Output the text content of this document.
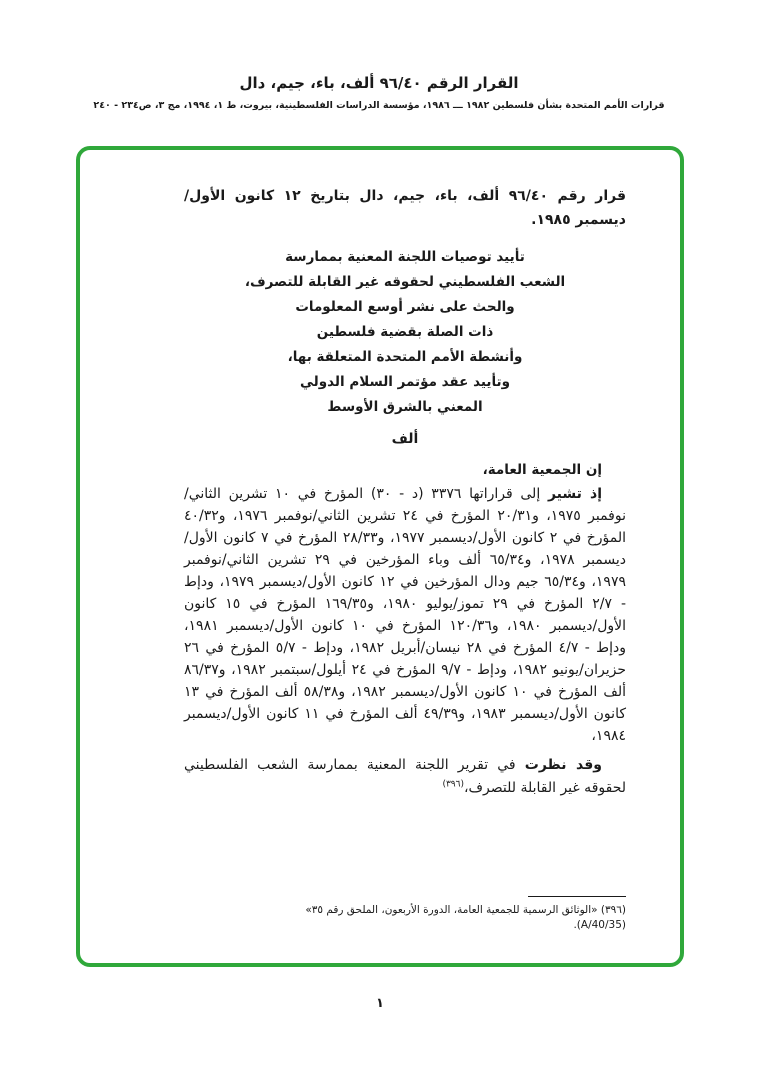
القرار الرقم ٩٦/٤٠ ألف، باء، جيم، دال
قرارات الأمم المتحدة بشأن فلسطين ١٩٨٢ ـــ ١٩٨٦، مؤسسة الدراسات الفلسطينية، بيروت، ط ١، ١٩٩٤، مج ٣، ص٢٣٤ - ٢٤٠

قرار رقم ٩٦/٤٠ ألف، باء، جيم، دال بتاريخ ١٢ كانون الأول/ديسمبر ١٩٨٥.

تأييد توصيات اللجنة المعنية بممارسة
الشعب الفلسطيني لحقوقه غير القابلة للتصرف،
والحث على نشر أوسع المعلومات
ذات الصلة بقضية فلسطين
وأنشطة الأمم المتحدة المتعلقة بها،
وتأييد عقد مؤتمر السلام الدولي
المعني بالشرق الأوسط
ألف

إن الجمعية العامة،

إذ تشير إلى قراراتها ٣٣٧٦ (د - ٣٠) المؤرخ في ١٠ تشرين الثاني/نوفمبر ١٩٧٥، و٢٠/٣١ المؤرخ في ٢٤ تشرين الثاني/نوفمبر ١٩٧٦، و٤٠/٣٢ المؤرخ في ٢ كانون الأول/ديسمبر ١٩٧٧، و٢٨/٣٣ المؤرخ في ٧ كانون الأول/ديسمبر ١٩٧٨، و٦٥/٣٤ ألف وباء المؤرخين في ٢٩ تشرين الثاني/نوفمبر ١٩٧٩، و٦٥/٣٤ جيم ودال المؤرخين في ١٢ كانون الأول/ديسمبر ١٩٧٩، ودإط - ٢/٧ المؤرخ في ٢٩ تموز/يوليو ١٩٨٠، و١٦٩/٣٥ المؤرخ في ١٥ كانون الأول/ديسمبر ١٩٨٠، و١٢٠/٣٦ المؤرخ في ١٠ كانون الأول/ديسمبر ١٩٨١، ودإط - ٤/٧ المؤرخ في ٢٨ نيسان/أبريل ١٩٨٢، ودإط - ٥/٧ المؤرخ في ٢٦ حزيران/يونيو ١٩٨٢، ودإط - ٩/٧ المؤرخ في ٢٤ أيلول/سبتمبر ١٩٨٢، و٨٦/٣٧ ألف المؤرخ في ١٠ كانون الأول/ديسمبر ١٩٨٢، و٥٨/٣٨ ألف المؤرخ في ١٣ كانون الأول/ديسمبر ١٩٨٣، و٤٩/٣٩ ألف المؤرخ في ١١ كانون الأول/ديسمبر ١٩٨٤،

وقد نظرت في تقرير اللجنة المعنية بممارسة الشعب الفلسطيني لحقوقه غير القابلة للتصرف،$^{(٣٩٦)}$

(٣٩٦) «الوثائق الرسمية للجمعية العامة، الدورة الأربعون، الملحق رقم ٣٥»
(A/40/35).
١
